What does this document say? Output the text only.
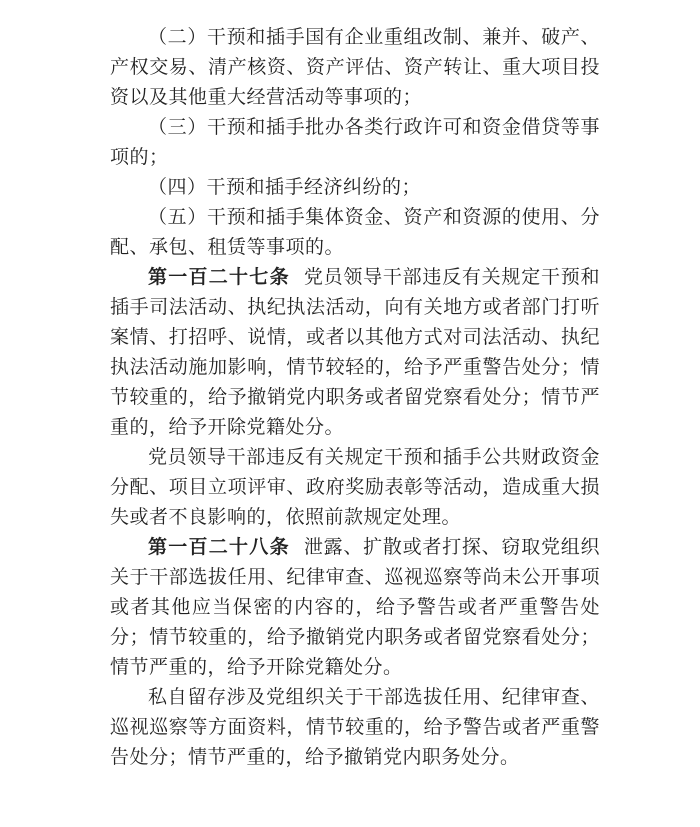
（二）干预和插手国有企业重组改制、兼并、破产、产权交易、清产核资、资产评估、资产转让、重大项目投资以及其他重大经营活动等事项的；

（三）干预和插手批办各类行政许可和资金借贷等事项的；

（四）干预和插手经济纠纷的；

（五）干预和插手集体资金、资产和资源的使用、分配、承包、租赁等事项的。

第一百二十七条 党员领导干部违反有关规定干预和插手司法活动、执纪执法活动，向有关地方或者部门打听案情、打招呼、说情，或者以其他方式对司法活动、执纪执法活动施加影响，情节较轻的，给予严重警告处分；情节较重的，给予撤销党内职务或者留党察看处分；情节严重的，给予开除党籍处分。

党员领导干部违反有关规定干预和插手公共财政资金分配、项目立项评审、政府奖励表彰等活动，造成重大损失或者不良影响的，依照前款规定处理。

第一百二十八条 泄露、扩散或者打探、窃取党组织关于干部选拔任用、纪律审查、巡视巡察等尚未公开事项或者其他应当保密的内容的，给予警告或者严重警告处分；情节较重的，给予撤销党内职务或者留党察看处分；情节严重的，给予开除党籍处分。

私自留存涉及党组织关于干部选拔任用、纪律审查、巡视巡察等方面资料，情节较重的，给予警告或者严重警告处分；情节严重的，给予撤销党内职务处分。
